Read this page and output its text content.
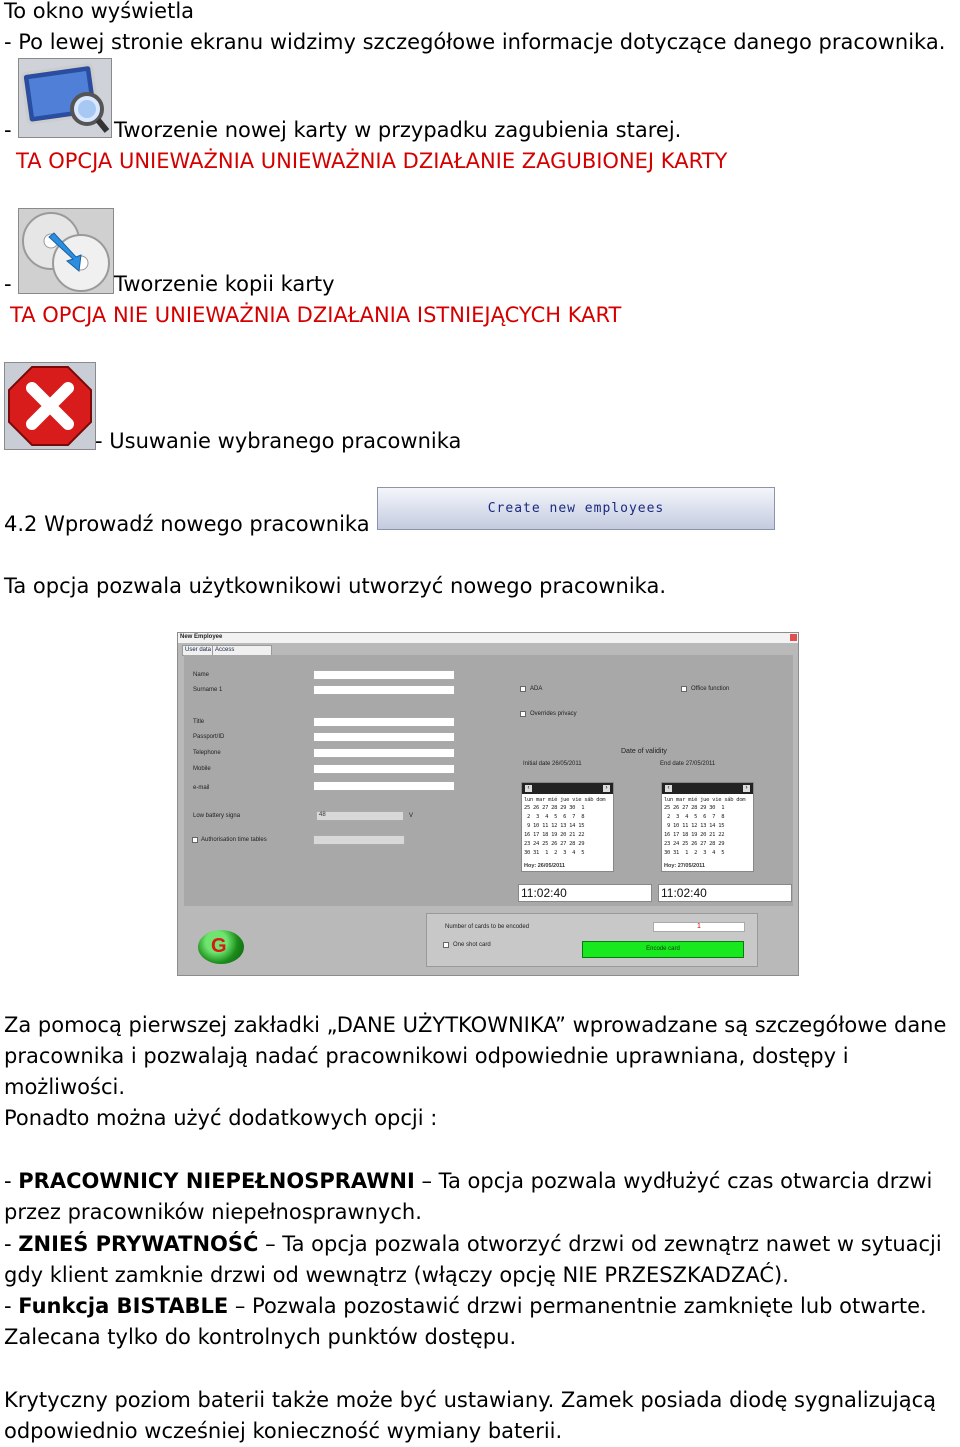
To okno wyświetla
- Po lewej stronie ekranu widzimy szczegółowe informacje dotyczące danego pracownika.
-	Tworzenie nowej karty w przypadku zagubienia starej.
TA OPCJA UNIEWAŻNIA UNIEWAŻNIA DZIAŁANIE ZAGUBIONEJ KARTY
-	Tworzenie kopii karty
TA OPCJA NIE UNIEWAŻNIA DZIAŁANIA ISTNIEJĄCYCH KART
- Usuwanie wybranego pracownika
4.2 Wprowadź nowego pracownika
Create new employees
Ta opcja pozwala użytkownikowi utworzyć nowego pracownika.
New Employee
User data Access
Name
Surname 1
Title
Passport/ID
Telephone
Mobile
e-mail
Low battery signa	48	V
Authorisation time tables
ADA	Office function
Overrides privacy
Date of validity
Initial date 26/05/2011	End date 27/05/2011
‹	›
lun mar mié jue vie sáb dom
25 26 27 28 29 30  1
2  3  4  5  6  7  8
9 10 11 12 13 14 15
16 17 18 19 20 21 22
23 24 25 26 27 28 29
30 31  1  2  3  4  5
Hoy: 26/05/2011
‹	›
lun mar mié jue vie sáb dom
25 26 27 28 29 30  1
2  3  4  5  6  7  8
9 10 11 12 13 14 15
16 17 18 19 20 21 22
23 24 25 26 27 28 29
30 31  1  2  3  4  5
Hoy: 27/05/2011
11:02:40	11:02:40
G
Number of cards to be encoded	1
One shot card
Encode card
Za pomocą pierwszej zakładki „DANE UŻYTKOWNIKA” wprowadzane są szczegółowe dane pracownika i pozwalają nadać pracownikowi odpowiednie uprawniana, dostępy i możliwości.
Ponadto można użyć dodatkowych opcji :
- PRACOWNICY NIEPEŁNOSPRAWNI – Ta opcja pozwala wydłużyć czas otwarcia drzwi przez pracowników niepełnosprawnych.
- ZNIEŚ PRYWATNOŚĆ – Ta opcja pozwala otworzyć drzwi od zewnątrz nawet w sytuacji gdy klient zamknie drzwi od wewnątrz (włączy opcję NIE PRZESZKADZAĆ).
- Funkcja BISTABLE – Pozwala pozostawić drzwi permanentnie zamknięte lub otwarte. Zalecana tylko do kontrolnych punktów dostępu.
Krytyczny poziom baterii także może być ustawiany. Zamek posiada diodę sygnalizującą odpowiednio wcześniej konieczność wymiany baterii.
